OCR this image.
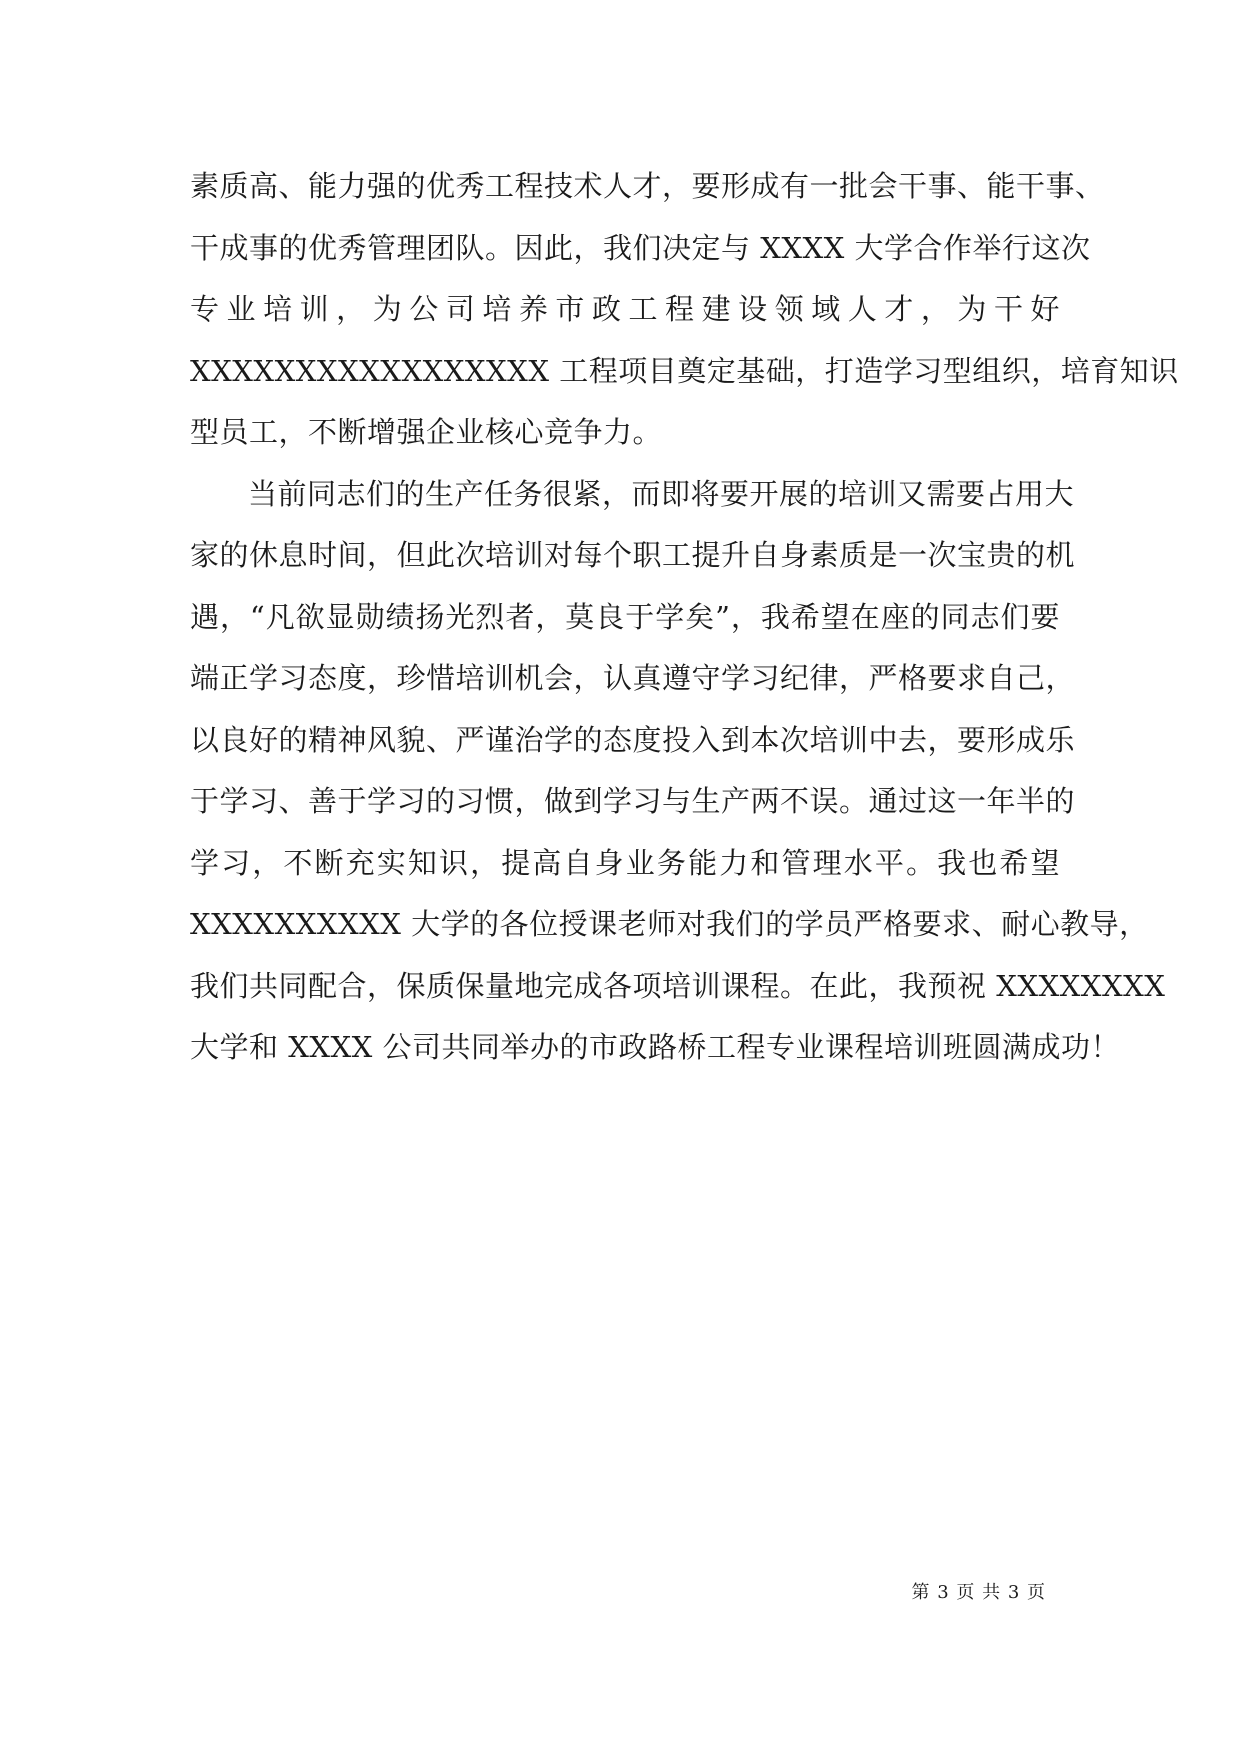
素质高、能力强的优秀工程技术人才，要形成有一批会干事、能干事、
干成事的优秀管理团队。因此，我们决定与 XXXX 大学合作举行这次
专业培训，为公司培养市政工程建设领域人才，为干好
XXXXXXXXXXXXXXXXX 工程项目奠定基础，打造学习型组织，培育知识
型员工，不断增强企业核心竞争力。
当前同志们的生产任务很紧，而即将要开展的培训又需要占用大
家的休息时间，但此次培训对每个职工提升自身素质是一次宝贵的机
遇，“凡欲显勋绩扬光烈者，莫良于学矣”，我希望在座的同志们要
端正学习态度，珍惜培训机会，认真遵守学习纪律，严格要求自己，
以良好的精神风貌、严谨治学的态度投入到本次培训中去，要形成乐
于学习、善于学习的习惯，做到学习与生产两不误。通过这一年半的
学习，不断充实知识，提高自身业务能力和管理水平。我也希望
XXXXXXXXXX 大学的各位授课老师对我们的学员严格要求、耐心教导，
我们共同配合，保质保量地完成各项培训课程。在此，我预祝 XXXXXXXX
大学和 XXXX 公司共同举办的市政路桥工程专业课程培训班圆满成功！
第 3 页 共 3 页
